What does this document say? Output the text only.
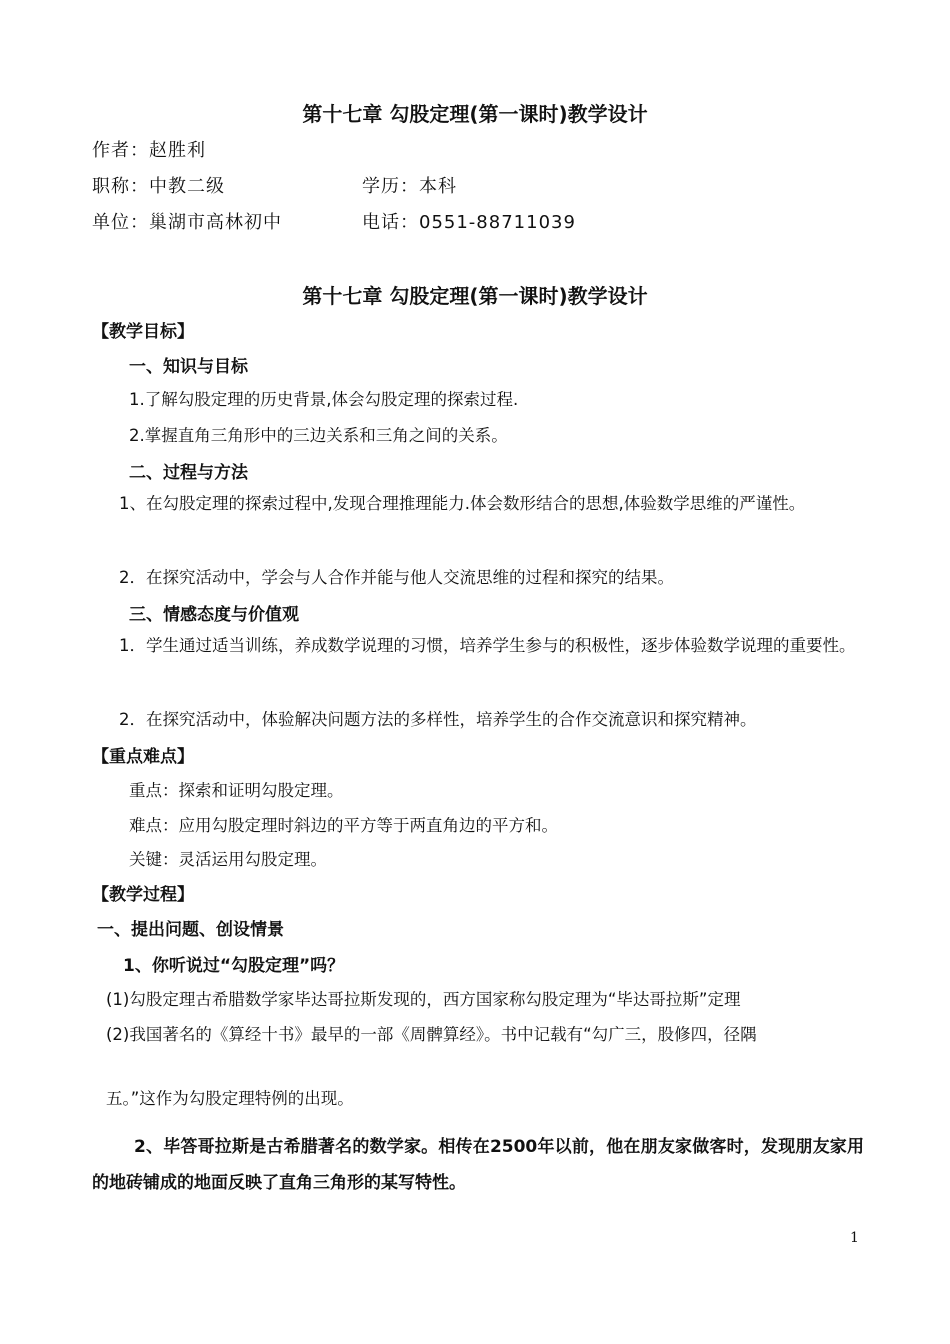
第十七章 勾股定理(第一课时)教学设计
作者：赵胜利
职称：中教二级	学历：本科
单位：巢湖市高林初中	电话：0551-88711039
第十七章 勾股定理(第一课时)教学设计
【教学目标】
一、知识与目标
1.了解勾股定理的历史背景,体会勾股定理的探索过程.
2.掌握直角三角形中的三边关系和三角之间的关系。
二、过程与方法
1、在勾股定理的探索过程中,发现合理推理能力.体会数形结合的思想,体验数学思维的严谨性。
2．在探究活动中，学会与人合作并能与他人交流思维的过程和探究的结果。
三、情感态度与价值观
1．学生通过适当训练，养成数学说理的习惯，培养学生参与的积极性，逐步体验数学说理的重要性。
2．在探究活动中，体验解决问题方法的多样性，培养学生的合作交流意识和探究精神。
【重点难点】
重点：探索和证明勾股定理。
难点：应用勾股定理时斜边的平方等于两直角边的平方和。
关键：灵活运用勾股定理。
【教学过程】
一、提出问题、创设情景
1、你听说过“勾股定理”吗？
(1)勾股定理古希腊数学家毕达哥拉斯发现的，西方国家称勾股定理为“毕达哥拉斯”定理
(2)我国著名的《算经十书》最早的一部《周髀算经》。书中记载有“勾广三，股修四，径隅
五。”这作为勾股定理特例的出现。
2、毕答哥拉斯是古希腊著名的数学家。相传在2500年以前，他在朋友家做客时，发现朋友家用的地砖铺成的地面反映了直角三角形的某写特性。
1
